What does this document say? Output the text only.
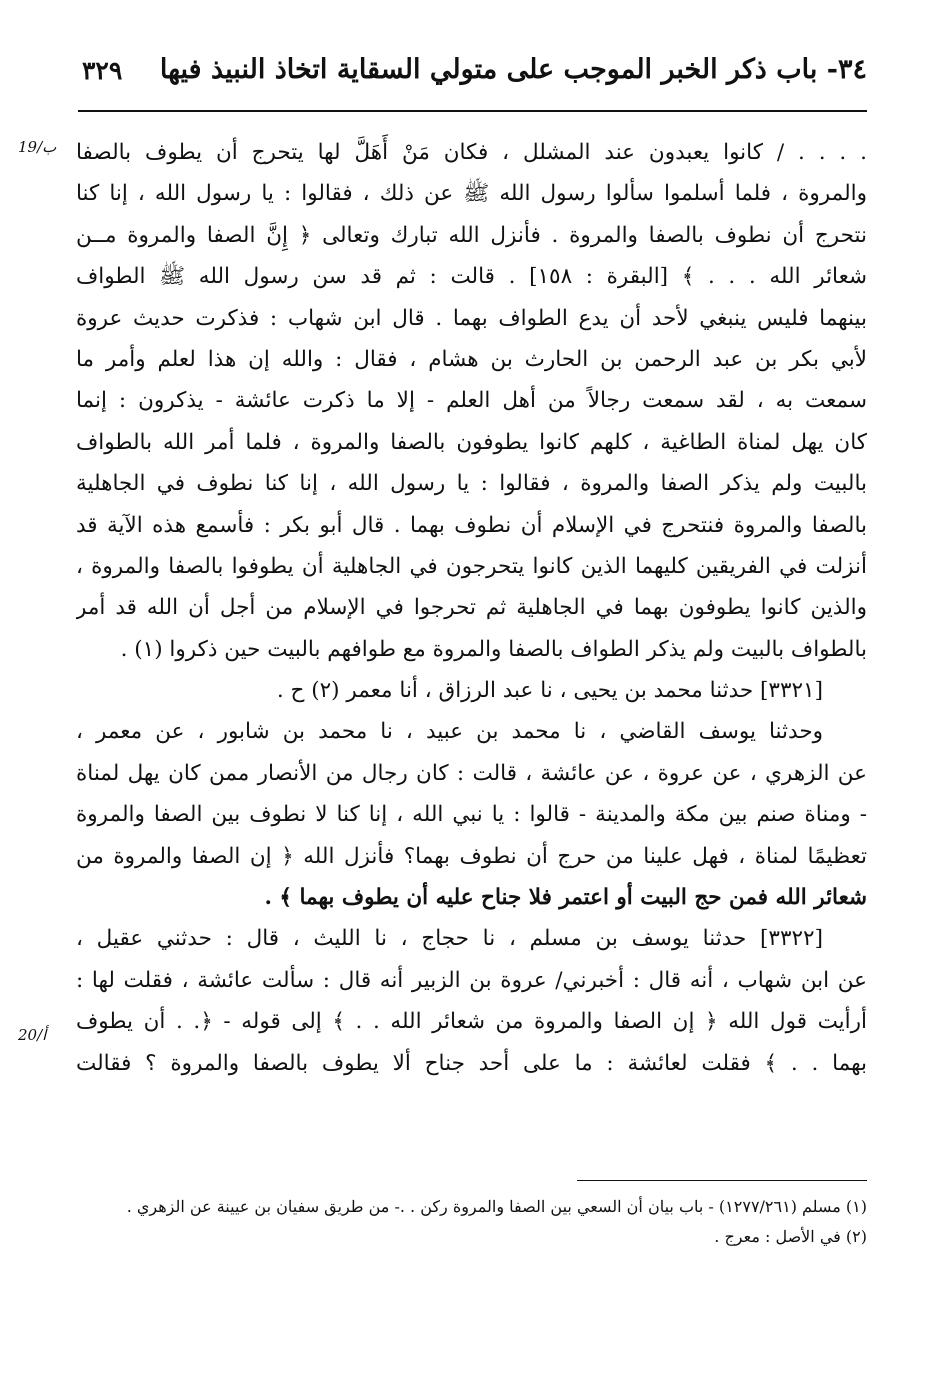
٣٤- باب ذكر الخبر الموجب على متولي السقاية اتخاذ النبيذ فيها
٣٢٩
19/ب
20/أ
. . . . / كانوا يعبدون عند المشلل ، فكان مَنْ أَهَلَّ لها يتحرج أن يطوف بالصفا
والمروة ، فلما أسلموا سألوا رسول الله ﷺ عن ذلك ، فقالوا : يا رسول الله ، إنا كنا
نتحرج أن نطوف بالصفا والمروة . فأنزل الله تبارك وتعالى ﴿ إِنَّ الصفا والمروة مــن
شعائر الله . . . ﴾ [البقرة : ١٥٨] . قالت : ثم قد سن رسول الله ﷺ الطواف
بينهما فليس ينبغي لأحد أن يدع الطواف بهما . قال ابن شهاب : فذكرت حديث عروة
لأبي بكر بن عبد الرحمن بن الحارث بن هشام ، فقال : والله إن هذا لعلم وأمر ما
سمعت به ، لقد سمعت رجالاً من أهل العلم - إلا ما ذكرت عائشة - يذكرون : إنما
كان يهل لمناة الطاغية ، كلهم كانوا يطوفون بالصفا والمروة ، فلما أمر الله بالطواف
بالبيت ولم يذكر الصفا والمروة ، فقالوا : يا رسول الله ، إنا كنا نطوف في الجاهلية
بالصفا والمروة فنتحرج في الإسلام أن نطوف بهما . قال أبو بكر : فأسمع هذه الآية قد
أنزلت في الفريقين كليهما الذين كانوا يتحرجون في الجاهلية أن يطوفوا بالصفا والمروة ،
والذين كانوا يطوفون بهما في الجاهلية ثم تحرجوا في الإسلام من أجل أن الله قد أمر
بالطواف بالبيت ولم يذكر الطواف بالصفا والمروة مع طوافهم بالبيت حين ذكروا (١) .
[٣٣٢١] حدثنا محمد بن يحيى ، نا عبد الرزاق ، أنا معمر (٢) ح .
وحدثنا يوسف القاضي ، نا محمد بن عبيد ، نا محمد بن شابور ، عن معمر ،
عن الزهري ، عن عروة ، عن عائشة ، قالت : كان رجال من الأنصار ممن كان يهل لمناة
- ومناة صنم بين مكة والمدينة - قالوا : يا نبي الله ، إنا كنا لا نطوف بين الصفا والمروة
تعظيمًا لمناة ، فهل علينا من حرج أن نطوف بهما؟ فأنزل الله ﴿ إن الصفا والمروة من
شعائر الله فمن حج البيت أو اعتمر فلا جناح عليه أن يطوف بهما ﴾ .
[٣٣٢٢] حدثنا يوسف بن مسلم ، نا حجاج ، نا الليث ، قال : حدثني عقيل ،
عن ابن شهاب ، أنه قال : أخبرني/ عروة بن الزبير أنه قال : سألت عائشة ، فقلت لها :
أرأيت قول الله ﴿ إن الصفا والمروة من شعائر الله . . ﴾ إلى قوله - ﴿. . أن يطوف
بهما . . ﴾ فقلت لعائشة : ما على أحد جناح ألا يطوف بالصفا والمروة ؟ فقالت
(١) مسلم (١٢٧٧/٢٦١) - باب بيان أن السعي بين الصفا والمروة ركن . .- من طريق سفيان بن عيينة عن الزهري .
(٢) في الأصل : معرج .
